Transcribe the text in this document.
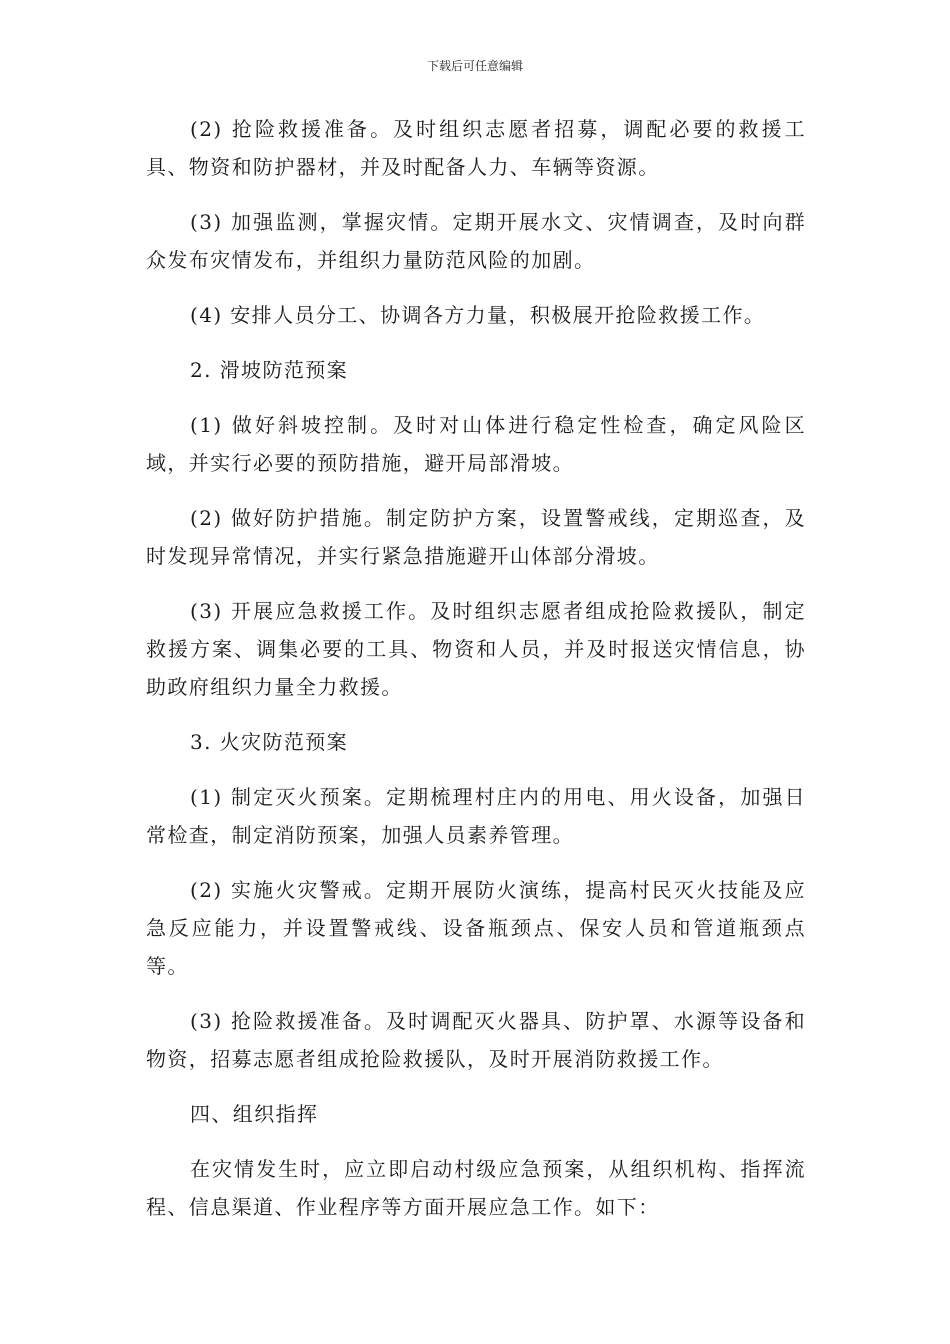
下载后可任意编辑

(2) 抢险救援准备。及时组织志愿者招募，调配必要的救援工具、物资和防护器材，并及时配备人力、车辆等资源。

(3) 加强监测，掌握灾情。定期开展水文、灾情调查，及时向群众发布灾情发布，并组织力量防范风险的加剧。

(4) 安排人员分工、协调各方力量，积极展开抢险救援工作。

2. 滑坡防范预案

(1) 做好斜坡控制。及时对山体进行稳定性检查，确定风险区域，并实行必要的预防措施，避开局部滑坡。

(2) 做好防护措施。制定防护方案，设置警戒线，定期巡查，及时发现异常情况，并实行紧急措施避开山体部分滑坡。

(3) 开展应急救援工作。及时组织志愿者组成抢险救援队，制定救援方案、调集必要的工具、物资和人员，并及时报送灾情信息，协助政府组织力量全力救援。

3. 火灾防范预案

(1) 制定灭火预案。定期梳理村庄内的用电、用火设备，加强日常检查，制定消防预案，加强人员素养管理。

(2) 实施火灾警戒。定期开展防火演练，提高村民灭火技能及应急反应能力，并设置警戒线、设备瓶颈点、保安人员和管道瓶颈点等。

(3) 抢险救援准备。及时调配灭火器具、防护罩、水源等设备和物资，招募志愿者组成抢险救援队，及时开展消防救援工作。

四、组织指挥

在灾情发生时，应立即启动村级应急预案，从组织机构、指挥流程、信息渠道、作业程序等方面开展应急工作。如下：
